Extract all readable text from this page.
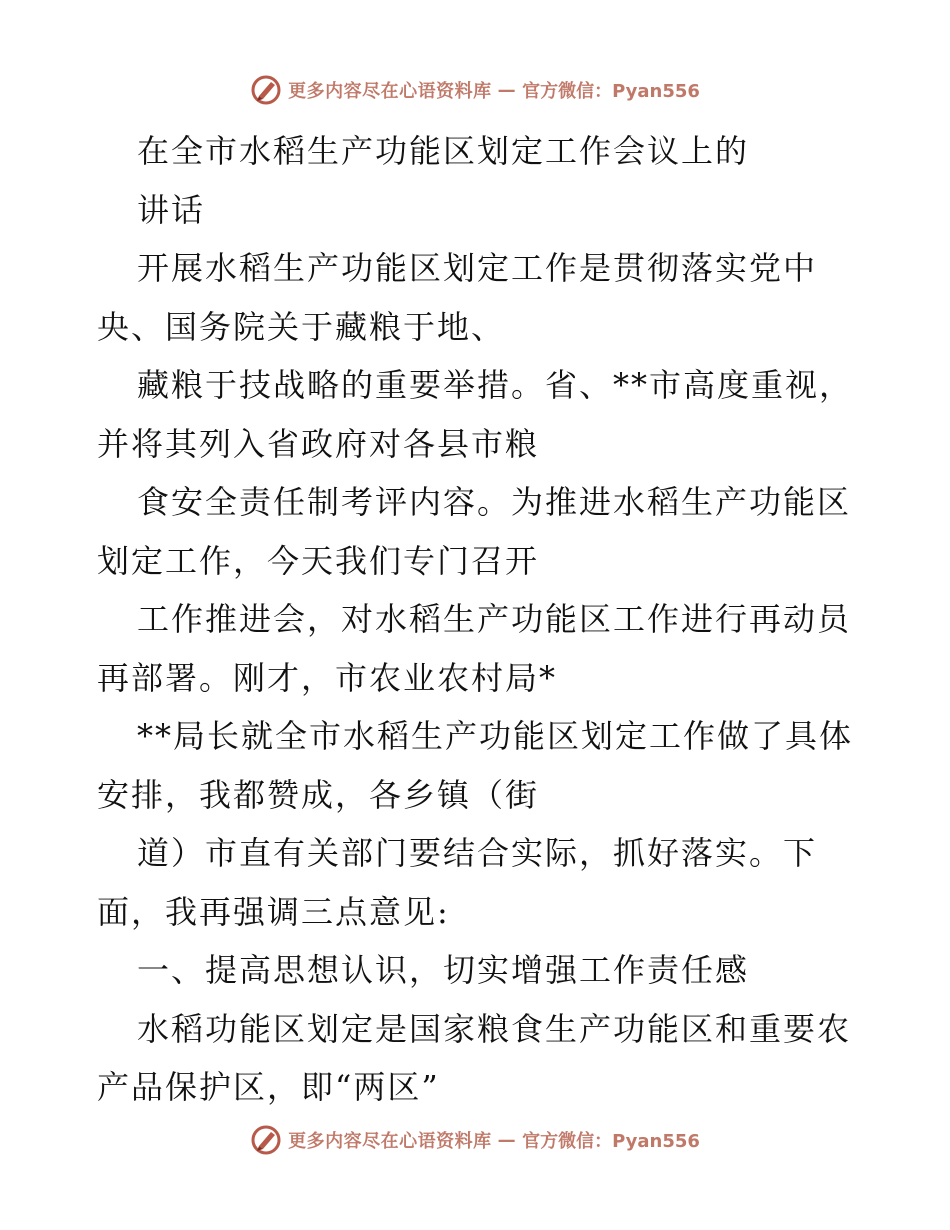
更多内容尽在心语资料库 — 官方微信：Pyan556
在全市水稻生产功能区划定工作会议上的
讲话
开展水稻生产功能区划定工作是贯彻落实党中
央、国务院关于藏粮于地、
藏粮于技战略的重要举措。省、**市高度重视，
并将其列入省政府对各县市粮
食安全责任制考评内容。为推进水稻生产功能区
划定工作，今天我们专门召开
工作推进会，对水稻生产功能区工作进行再动员
再部署。刚才，市农业农村局*
**局长就全市水稻生产功能区划定工作做了具体
安排，我都赞成，各乡镇（街
道）市直有关部门要结合实际，抓好落实。下
面，我再强调三点意见:
一、提高思想认识，切实增强工作责任感
水稻功能区划定是国家粮食生产功能区和重要农
产品保护区，即“两区”
更多内容尽在心语资料库 — 官方微信：Pyan556
